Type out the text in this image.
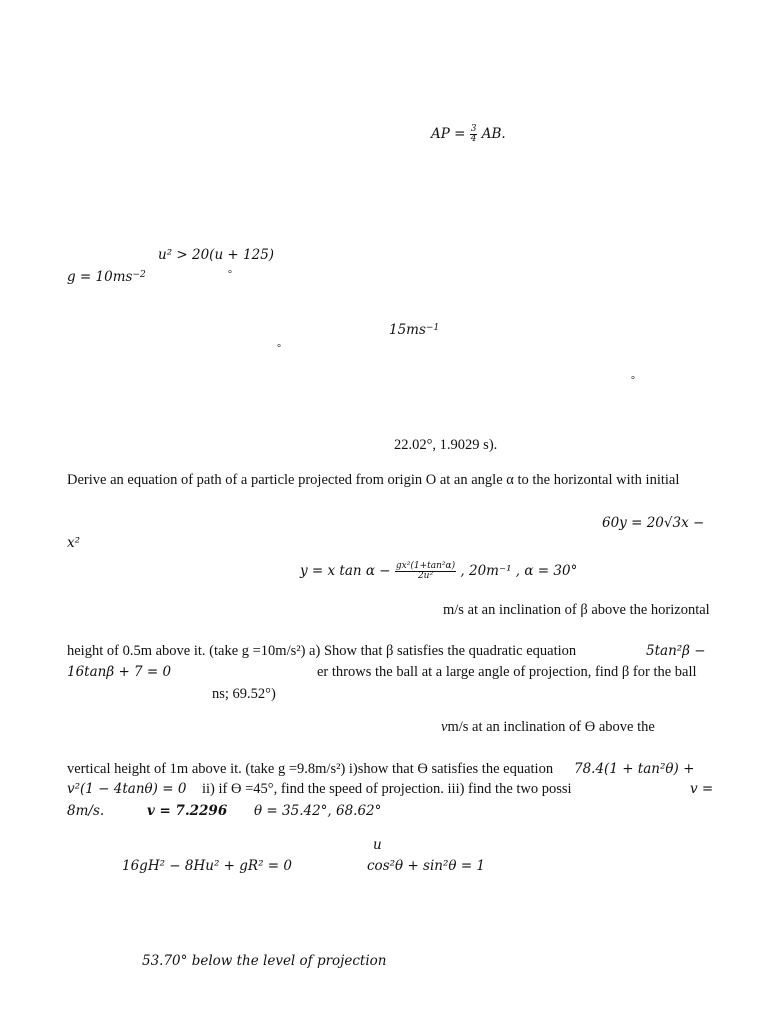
AP = $\frac{3}{4}$ AB.
u² > 20(u + 125)
$g = 10ms^{-2}$	°
$15ms^{-1}$
°
°
22.02°, 1.9029 s).
Derive an equation of path of a particle projected from origin O at an angle α to the horizontal with initial
60y = 20√3x −
x²
y = x $\tan \alpha - \frac{\text{gx²(1+tan²α)}}{\text{2u²}}$ , 20m⁻¹ , α = 30°
m/s at an inclination of β above the horizontal
height of 0.5m above it. (take g =10m/s²) a) Show that β satisfies the quadratic equation	5tan²β −
16tanβ + 7 = 0	er throws the ball at a large angle of projection, find β for the ball
ns; 69.52°)
vm/s at an inclination of ϴ above the
vertical height of 1m above it. (take g =9.8m/s²) i)show that ϴ satisfies the equation 78.4(1 + tan²θ) +
v²(1 − 4tanθ) = 0 ii) if ϴ =45°, find the speed of projection. iii) find the two possi	v =
8m/s.	v = 7.2296 θ = 35.42°, 68.62°
u
16gH² − 8Hu² + gR² = 0	cos²θ + sin²θ = 1
53.70° below the level of projection
